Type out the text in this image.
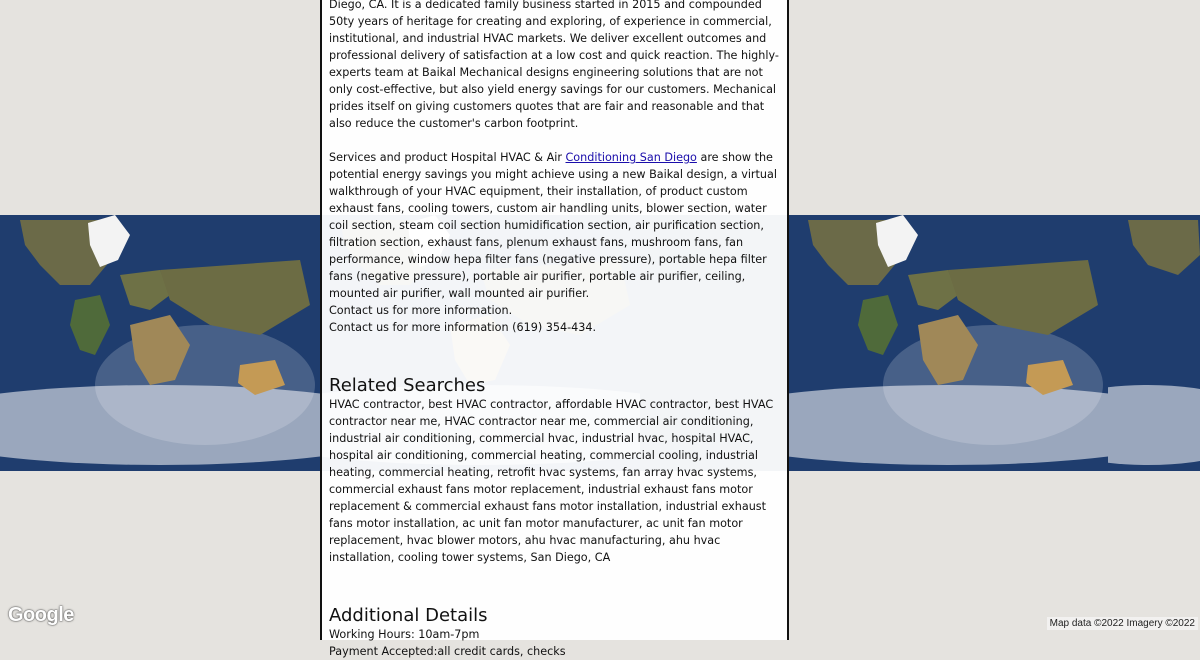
Google	Map data ©2022 Imagery ©2022

Diego, CA. It is a dedicated family business started in 2015 and compounded 50ty years of heritage for creating and exploring, of experience in commercial, institutional, and industrial HVAC markets. We deliver excellent outcomes and professional delivery of satisfaction at a low cost and quick reaction. The highly-experts team at Baikal Mechanical designs engineering solutions that are not only cost-effective, but also yield energy savings for our customers. Mechanical prides itself on giving customers quotes that are fair and reasonable and that also reduce the customer's carbon footprint.

Services and product Hospital HVAC & Air Conditioning San Diego are show the potential energy savings you might achieve using a new Baikal design, a virtual walkthrough of your HVAC equipment, their installation, of product custom exhaust fans, cooling towers, custom air handling units, blower section, water coil section, steam coil section humidification section, air purification section, filtration section, exhaust fans, plenum exhaust fans, mushroom fans, fan performance, window hepa filter fans (negative pressure), portable hepa filter fans (negative pressure), portable air purifier, portable air purifier, ceiling, mounted air purifier, wall mounted air purifier.

Contact us for more information.

Contact us for more information (619) 354-434.

Related Searches

HVAC contractor, best HVAC contractor, affordable HVAC contractor, best HVAC contractor near me, HVAC contractor near me, commercial air conditioning, industrial air conditioning, commercial hvac, industrial hvac, hospital HVAC, hospital air conditioning, commercial heating, commercial cooling, industrial heating, commercial heating, retrofit hvac systems, fan array hvac systems, commercial exhaust fans motor replacement, industrial exhaust fans motor replacement & commercial exhaust fans motor installation, industrial exhaust fans motor installation, ac unit fan motor manufacturer, ac unit fan motor replacement, hvac blower motors, ahu hvac manufacturing, ahu hvac installation, cooling tower systems, San Diego, CA

Additional Details

Working Hours: 10am-7pm

Payment Accepted:all credit cards, checks
